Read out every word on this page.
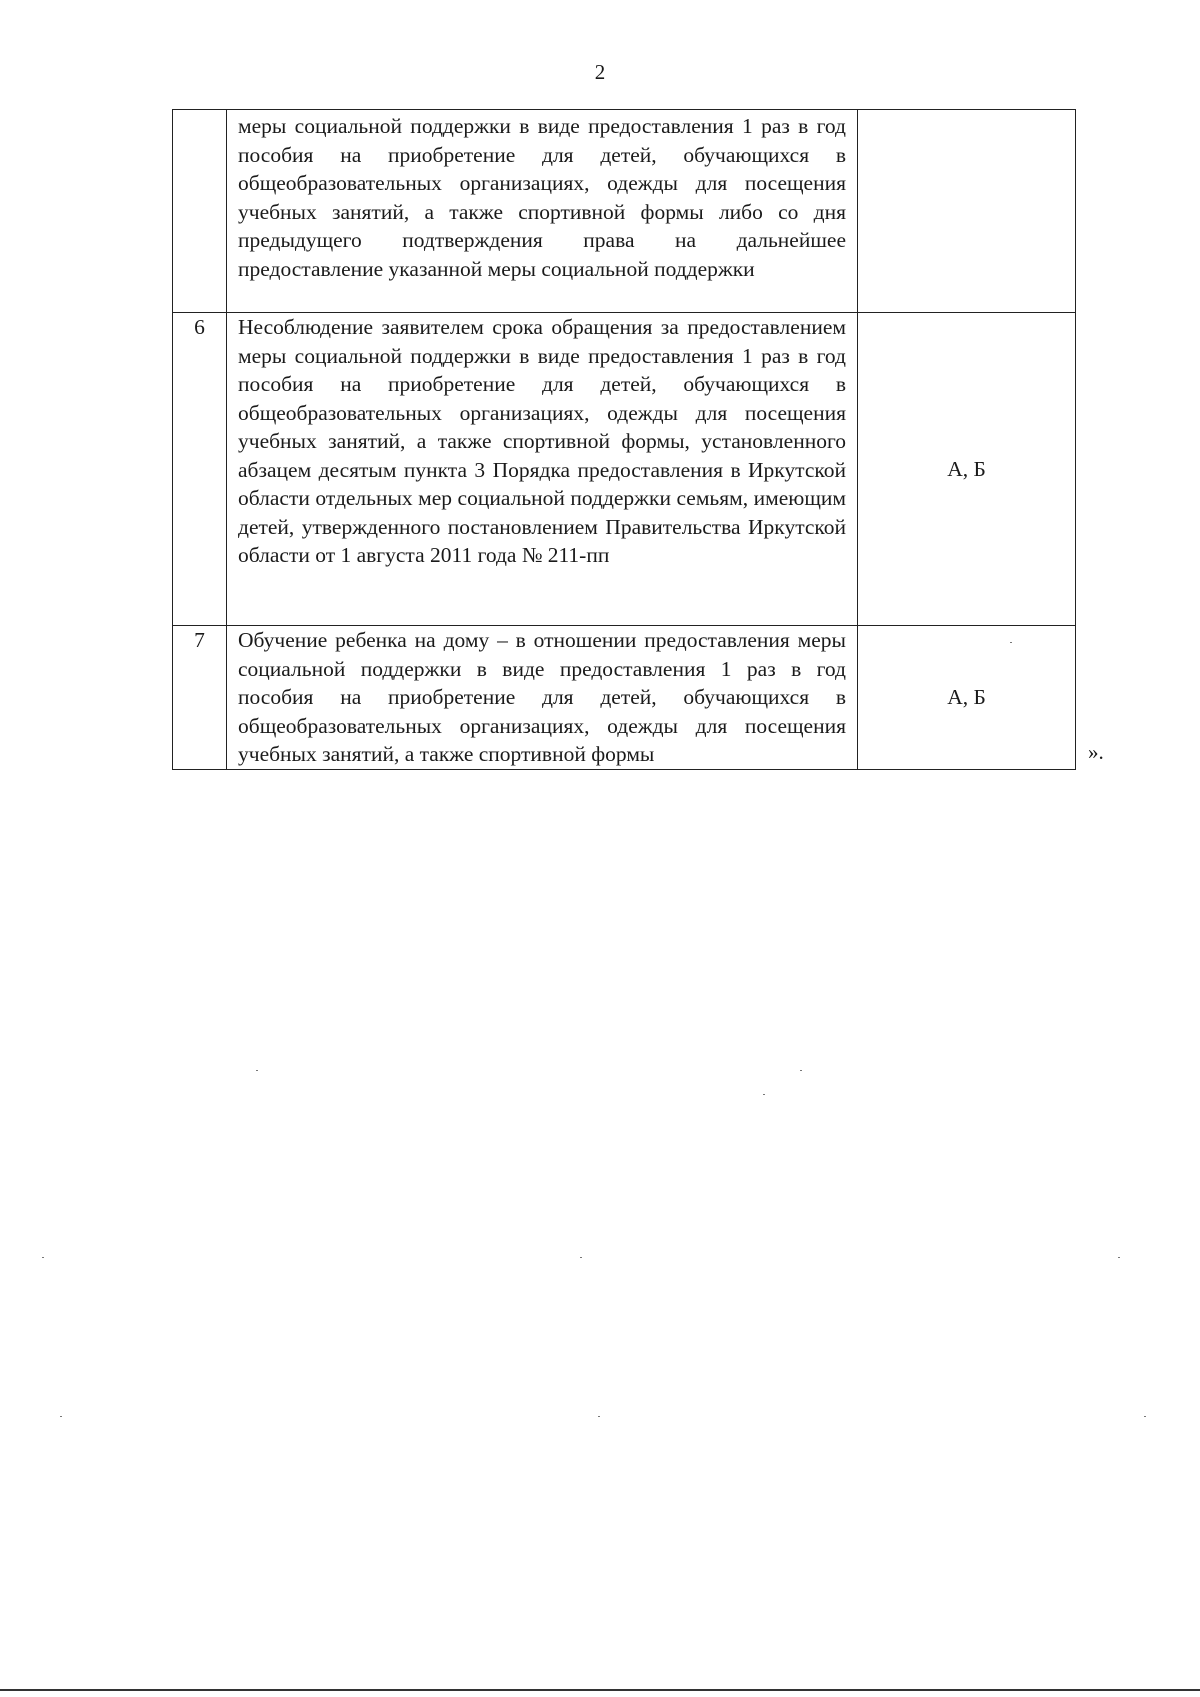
2
	меры социальной поддержки в виде предоставления 1 раз в год пособия на приобретение для детей, обучающихся в общеобразовательных организациях, одежды для посещения учебных занятий, а также спортивной формы либо со дня предыдущего подтверждения права на дальнейшее предоставление указанной меры социальной поддержки	
6	Несоблюдение заявителем срока обращения за предоставлением меры социальной поддержки в виде предоставления 1 раз в год пособия на приобретение для детей, обучающихся в общеобразовательных организациях, одежды для посещения учебных занятий, а также спортивной формы, установленного абзацем десятым пункта 3 Порядка предоставления в Иркутской области отдельных мер социальной поддержки семьям, имеющим детей, утвержденного постановлением Правительства Иркутской области от 1 августа 2011 года № 211-пп	А, Б
7	Обучение ребенка на дому – в отношении предоставления меры социальной поддержки в виде предоставления 1 раз в год пособия на приобретение для детей, обучающихся в общеобразовательных организациях, одежды для посещения учебных занятий, а также спортивной формы	А, Б
».
